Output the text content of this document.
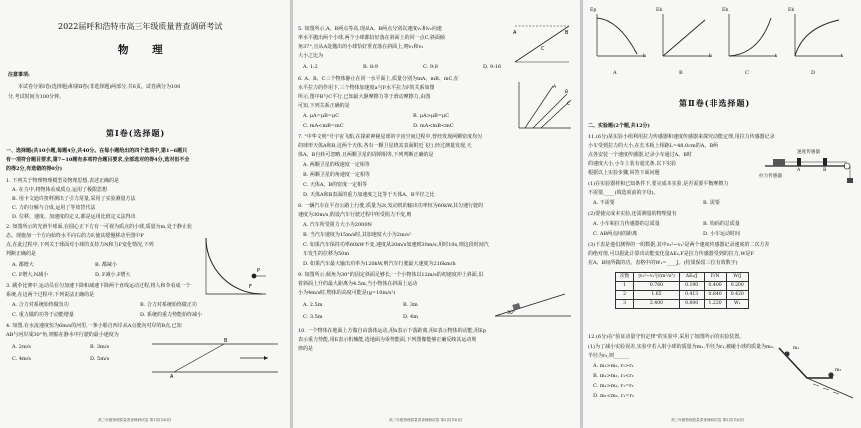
2022届呼和浩特市高三年级质量普查调研考试
物 理
注意事项:
本试卷分第Ⅰ卷(选择题)和第Ⅱ卷(非选择题)两部分,共6页。试卷满分为100
分,考试时间为100分钟。
第Ⅰ卷(选择题)
一、选择题(共10小题,每题4分,共40分。在每小题给出的四个选项中,第1~6题只
有一项符合题目要求,第7~10题有多项符合题目要求,全部选对的得4分,选对但不全
的得2分,有选错的得0分)
1. 下列关于物理物理模型及物理思想,表述正确的是
A. 在力中,将物体看成质点,运用了极限思想
B. 用卡文迪许扭秤测出了引力常量,采用了实验测量方法
C. 力的分解与合成,运用了等效替代法
D. 位移、速度、加速度的定义,都是运用比值定义法得出
2. 如图所示的光滑半球面,在圆心正下方有一可视为质点的小球,质量为m,处于静止状
态。现施加一个方向始终水平向右的力F,使其缓慢移动至图中P
点,在此过程中,下列关于球面对小球的支持力N和力F变化情况,下列
判断正确的是
A. 都增大	B. 都减小
C. F增大,N减小	D. F减小,F增大
3. 跳伞比赛中,运动员在匀加速下降和减速下降两个直线运动过程,将人和伞看成一个
系统,在这两个过程中,下列说法正确的是
A. 合力对系统始终做负功	B. 合力对系统始终做正功
C. 重力做的功等于动能增量	D. 系统的重力势能始终减小
4. 如图,在水流速度恒为6m/s的河里,一条小船自西岸从A点驶向对岸的B点,已知
AB与河岸成30°角,则船在静水中行驶的最小速度为
A. 2m/s	B. 3m/s
C. 4m/s	D. 5m/s
P
F
A
B
高三年级物理质量普查调研试卷 第1页(共6页)
5. 如图所示,A、B两点等高,现从A、B两点分别以速度v₁和v₂向速
率水平抛出两个小球,两个小球都恰好落在斜面上的同一点C,斜面倾
角37°,且从A处抛出的小球恰好垂直落在斜面上,则v₁和v₂
大小之比为
A. 1:2	B. 8:9	C. 9:8	D. 9:16
6. A、B、C三个物体静止在同一水平面上,质量分别为mA、mB、mC,在
水平拉力的作用下,三个物体加速度a与F水平拉力F的关系如图
所示,图中B与C平行,已知最大静摩擦力等于滑动摩擦力,由图
可知,下列关系正确的是
A. μA=μB=μC	B. μA>μB=μC
C. mA<mB=mC	D. mA<mB<mC
7. "中华文明"号宇宙飞船,在探索神秘星球的宇宙空间过程中,曾经发现两颗密度均匀
的球形天体A和B,这两个天体,各有一颗卫星绕其表面附近飞行,经过测量发现,天
体A、B自转可忽略,且两颗卫星的周期相等,下列判断正确的是
A. 两颗卫星的线速度一定相等
B. 两颗卫星的角速度一定相等
C. 天体A、B的密度一定相等
D. 天体A和B表面的重力加速度之比等于天体A、B半径之比
8. 一辆汽车在平直公路上行驶,质量为2t,发动机的输出功率恒为60kW,其匀速行驶的
速度为30m/s,假设汽车行驶过程中所受阻力不变,则
A. 汽车所受阻力大小为2000N
B. 当汽车速度为15m/s时,其加速度大小为2m/s²
C. 如果汽车保持功率60kW不变,速度从20m/s加速到30m/s,用时10s,则这段时间汽
车发生的位移为50m
D. 如果汽车最大输出功率为120kW,则汽车行驶最大速度为216km/h
9. 如图所示,倾角为30°的固定斜面足够长,一个小物体以12m/s的初速度冲上斜面,沿
着斜面上升的最大距离为4.5m,当小物体在斜面上运动
小为4m/s时,物体的高度可能是(g=10m/s²)
A. 2.5m	B. 3m
C. 3.5m	D. 4m
10. 一个物体在地面上方做自由落体运动,用h表示下落距离,用E表示物体的动能,用Ep
表示重力势能,用E表示机械能,选地面为零势能面,下列图像能够正确反映其运动规
律的是
A	B
C
A
B
C
30°
高三年级物理质量普查调研试卷 第2页(共6页)
Ep	Ek	Ek	Ek
h	h	t	t
A	B	C	D
第Ⅱ卷(非选择题)
二、实验题(2个题,共12分)
11.(6分)某实验小组利用拉力传感器和速度传感器来探究动能定理,用拉力传感器记录
小车受到拉力的大小,在长木板上相距L=48.0cm的A、B两
点各安装一个速度传感器,记录小车通过A、B时
的速度大小,小车上装有遮光条,以下实验
根据以上实验步骤,回答下面问题
(1)在实验器材和已知条件下,要完成本实验,是否需要平衡摩擦力
不需要,____(填选项前的字母)。
A. 不需要	B. 需要
(2)要使完成本实验,还需测量的物理量有
A. 小车和拉力传感器的总质量	B. 钩码的总质量
C. AB两点间的距离	D. 小车运动时间
(3)下表是他们测得的一组数据,其中v₂²−v₁²是两个速度传感器记录速度的二次方差
的绝对值,可以据此计算出动能变化量ΔEₖ,F是拉力传感器受到的拉力,W是F
在A、B间所做的功。表格中的W₁=____J。(结果保留三位有效数字)
拉力传感器
速度传感器
A	B
次数	|v₂²−v₁²|/(m²/s²)	ΔEₖ/J	F/N	W/J
1	0.760	0.190	0.400	0.200
2	1.65	0.413	0.840	0.420
3	2.400	0.600	1.220	W₁
12.(6分)在"验证动量守恒定律"的实验中,采用了如图所示的实验装置。
(1)为了减小实验误差,实验中若入射小球的质量为m₁,半径为r₁,被碰小球的质量为m₂,
半径为r₂,则______
A. m₁>m₂, r₁>r₂
B. m₁>m₂, r₁<r₂
C. m₁>m₂, r₁=r₂
D. m₁<m₂, r₁=r₂
m₁
m₂
高三年级物理质量普查调研试卷 第3页(共6页)
